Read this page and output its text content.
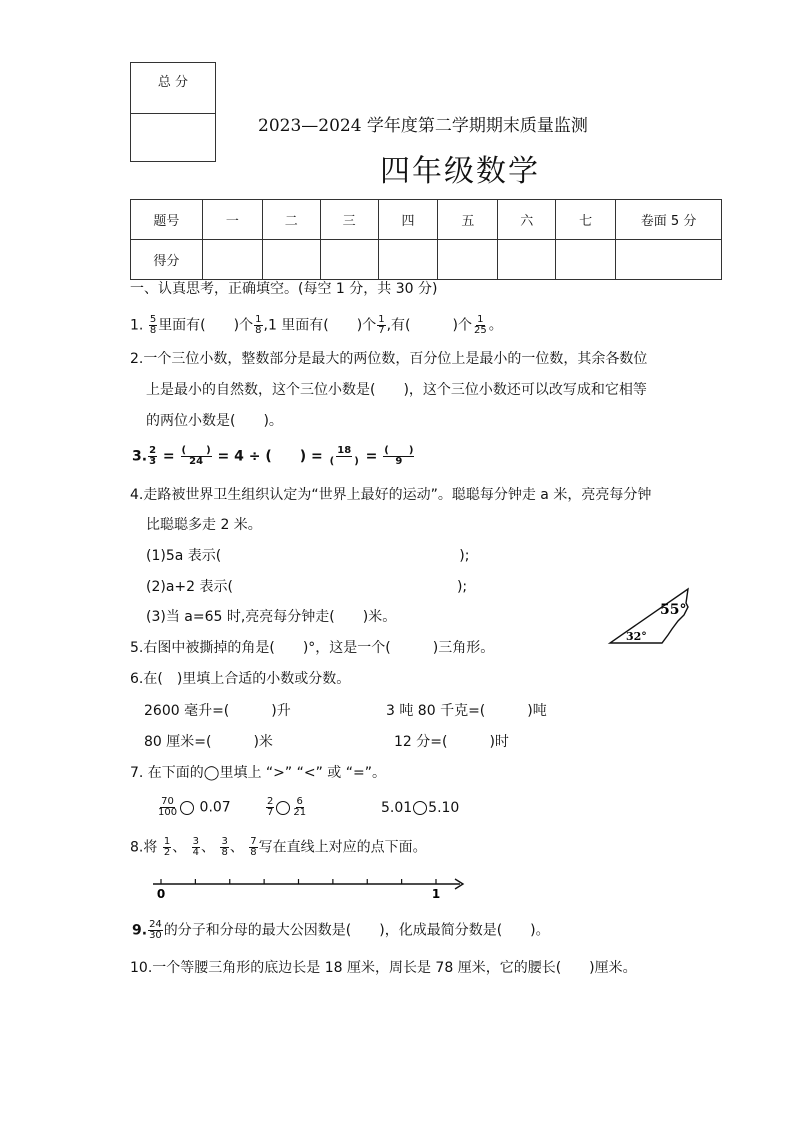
总 分
2023—2024 学年度第二学期期末质量监测
四年级数学
题号	一	二	三	四	五	六	七	卷面 5 分
得分								
一、认真思考，正确填空。(每空 1 分，共 30 分)
1. $\frac{5}{8}$ 里面有(　　)个 $\frac{1}{8} ,1$ 里面有(　　)个 $\frac{1}{7}$ ,有(　　　)个 $\frac{1}{25}$ 。
2.一个三位小数，整数部分是最大的两位数，百分位上是最小的一位数，其余各数位
上是最小的自然数，这个三位小数是(　　)，这个三位小数还可以改写成和它相等
的两位小数是(　　)。
3. $\frac{2}{3} = \frac{( )}{24} = 4$ ÷ (　　) = $\frac{18}{( )} = \frac{( )}{9}$
4.走路被世界卫生组织认定为“世界上最好的运动”。聪聪每分钟走 a 米，亮亮每分钟
比聪聪多走 2 米。
(1)5a 表示(　　　　　　　　　　　　　　　　　);
(2)a+2 表示(　　　　　　　　　　　　　　　　);
(3)当 a=65 时,亮亮每分钟走(　　)米。
32°
55°
5.右图中被撕掉的角是(　　)°，这是一个(　　　)三角形。
6.在(　)里填上合适的小数或分数。
2600 毫升=(　　　)升	3 吨 80 千克=(　　　)吨
80 厘米=(　　　)米	12 分=(　　　)时
7. 在下面的◯里填上 “>” “<” 或 “=”。
$\frac{70}{100} 0.07$	$\frac{2}{7} \frac{6}{21}$	5.01 5.10
8.将 $\frac{1}{2}$ 、 $\frac{3}{4}$ 、 $\frac{3}{8}$ 、 $\frac{7}{8}$ 写在直线上对应的点下面。
0	1
9. $\frac{24}{30}$ 的分子和分母的最大公因数是(　　)，化成最简分数是(　　)。
10.一个等腰三角形的底边长是 18 厘米，周长是 78 厘米，它的腰长(　　)厘米。
